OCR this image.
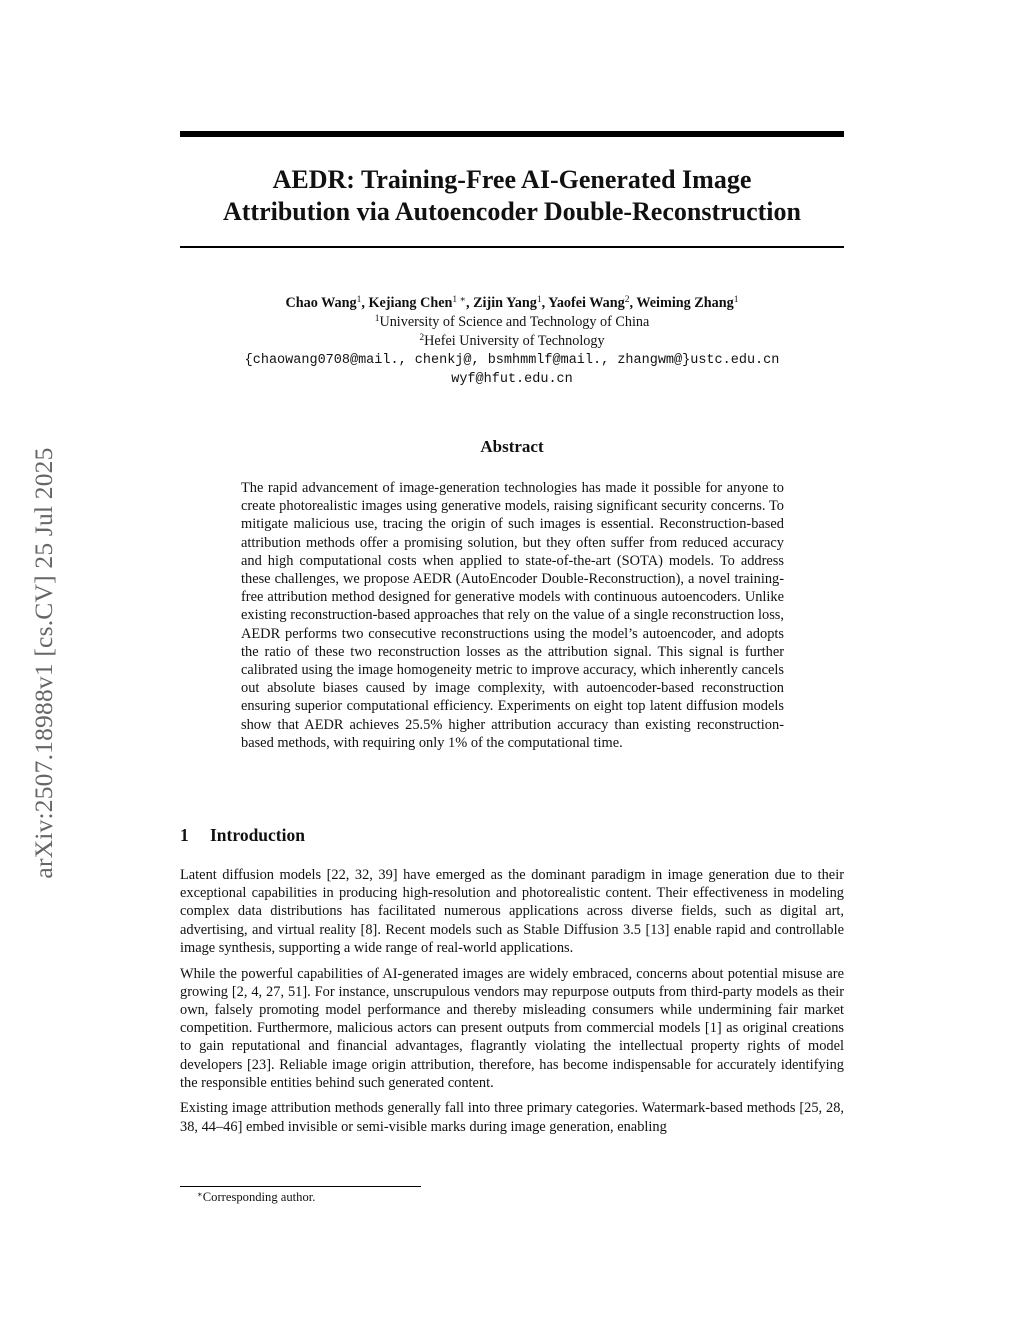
arXiv:2507.18988v1 [cs.CV] 25 Jul 2025
AEDR: Training-Free AI-Generated Image
Attribution via Autoencoder Double-Reconstruction
Chao Wang$^1$, Kejiang Chen$^{1 ∗}$, Zijin Yang$^1$, Yaofei Wang$^2$, Weiming Zhang$^1$
$^1$University of Science and Technology of China
$^2$Hefei University of Technology
{chaowang0708@mail., chenkj@, bsmhmmlf@mail., zhangwm@}ustc.edu.cn
wyf@hfut.edu.cn
Abstract
The rapid advancement of image-generation technologies has made it possible for anyone to create photorealistic images using generative models, raising significant security concerns. To mitigate malicious use, tracing the origin of such images is essential. Reconstruction-based attribution methods offer a promising solution, but they often suffer from reduced accuracy and high computational costs when applied to state-of-the-art (SOTA) models. To address these challenges, we propose AEDR (AutoEncoder Double-Reconstruction), a novel training-free attribution method designed for generative models with continuous autoencoders. Unlike existing reconstruction-based approaches that rely on the value of a single reconstruction loss, AEDR performs two consecutive reconstructions using the model’s autoencoder, and adopts the ratio of these two reconstruction losses as the attribution signal. This signal is further calibrated using the image homogeneity metric to improve accuracy, which inherently cancels out absolute biases caused by image complexity, with autoencoder-based reconstruction ensuring superior computational efficiency. Experiments on eight top latent diffusion models show that AEDR achieves 25.5% higher attribution accuracy than existing reconstruction-based methods, with requiring only 1% of the computational time.
1 Introduction

Latent diffusion models [22, 32, 39] have emerged as the dominant paradigm in image generation due to their exceptional capabilities in producing high-resolution and photorealistic content. Their effectiveness in modeling complex data distributions has facilitated numerous applications across diverse fields, such as digital art, advertising, and virtual reality [8]. Recent models such as Stable Diffusion 3.5 [13] enable rapid and controllable image synthesis, supporting a wide range of real-world applications.

While the powerful capabilities of AI-generated images are widely embraced, concerns about potential misuse are growing [2, 4, 27, 51]. For instance, unscrupulous vendors may repurpose outputs from third-party models as their own, falsely promoting model performance and thereby misleading consumers while undermining fair market competition. Furthermore, malicious actors can present outputs from commercial models [1] as original creations to gain reputational and financial advantages, flagrantly violating the intellectual property rights of model developers [23]. Reliable image origin attribution, therefore, has become indispensable for accurately identifying the responsible entities behind such generated content.

Existing image attribution methods generally fall into three primary categories. Watermark-based methods [25, 28, 38, 44–46] embed invisible or semi-visible marks during image generation, enabling

∗Corresponding author.
